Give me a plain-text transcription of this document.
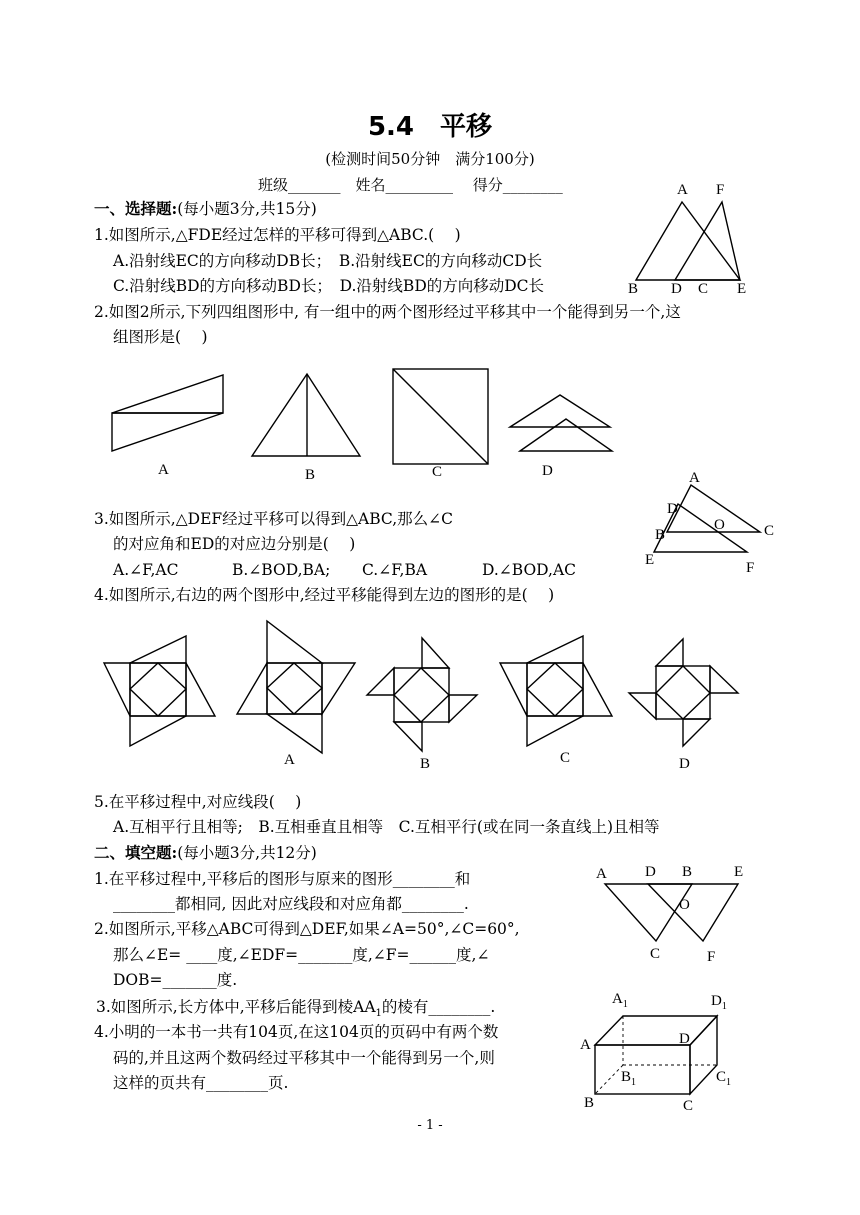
5.4　平移
(检测时间50分钟　满分100分)
班级_______　姓名_________　 得分________
一、选择题:(每小题3分,共15分)
1.如图所示,△FDE经过怎样的平移可得到△ABC.(　 )
A.沿射线EC的方向移动DB长；　B.沿射线EC的方向移动CD长
C.沿射线BD的方向移动BD长；　D.沿射线BD的方向移动DC长
A F
B D C E
2.如图2所示,下列四组图形中, 有一组中的两个图形经过平移其中一个能得到另一个,这
组图形是(　 )
A	B	C	D
3.如图所示,△DEF经过平移可以得到△ABC,那么∠C
的对应角和ED的对应边分别是(　 )
A.∠F,AC	B.∠BOD,BA; C.∠F,BA	D.∠BOD,AC
A
D
B
O	C
E	F
4.如图所示,右边的两个图形中,经过平移能得到左边的图形的是(　 )
A	B	C	D
5.在平移过程中,对应线段(　 )
A.互相平行且相等;　B.互相垂直且相等　C.互相平行(或在同一条直线上)且相等
二、填空题:(每小题3分,共12分)
1.在平移过程中,平移后的图形与原来的图形________和
________都相同, 因此对应线段和对应角都________.
2.如图所示,平移△ABC可得到△DEF,如果∠A=50°,∠C=60°,
那么∠E= ____度,∠EDF=_______度,∠F=______度,∠
DOB=_______度.
3.如图所示,长方体中,平移后能得到棱$AA_1$的棱有________.
4.小明的一本书一共有104页,在这104页的页码中有两个数
码的,并且这两个数码经过平移其中一个能得到另一个,则
这样的页共有________页.
A	D B	E
O
C	F
$A_1$	$D_1$
A	D
$B_1$	$C_1$
B	C
- 1 -
